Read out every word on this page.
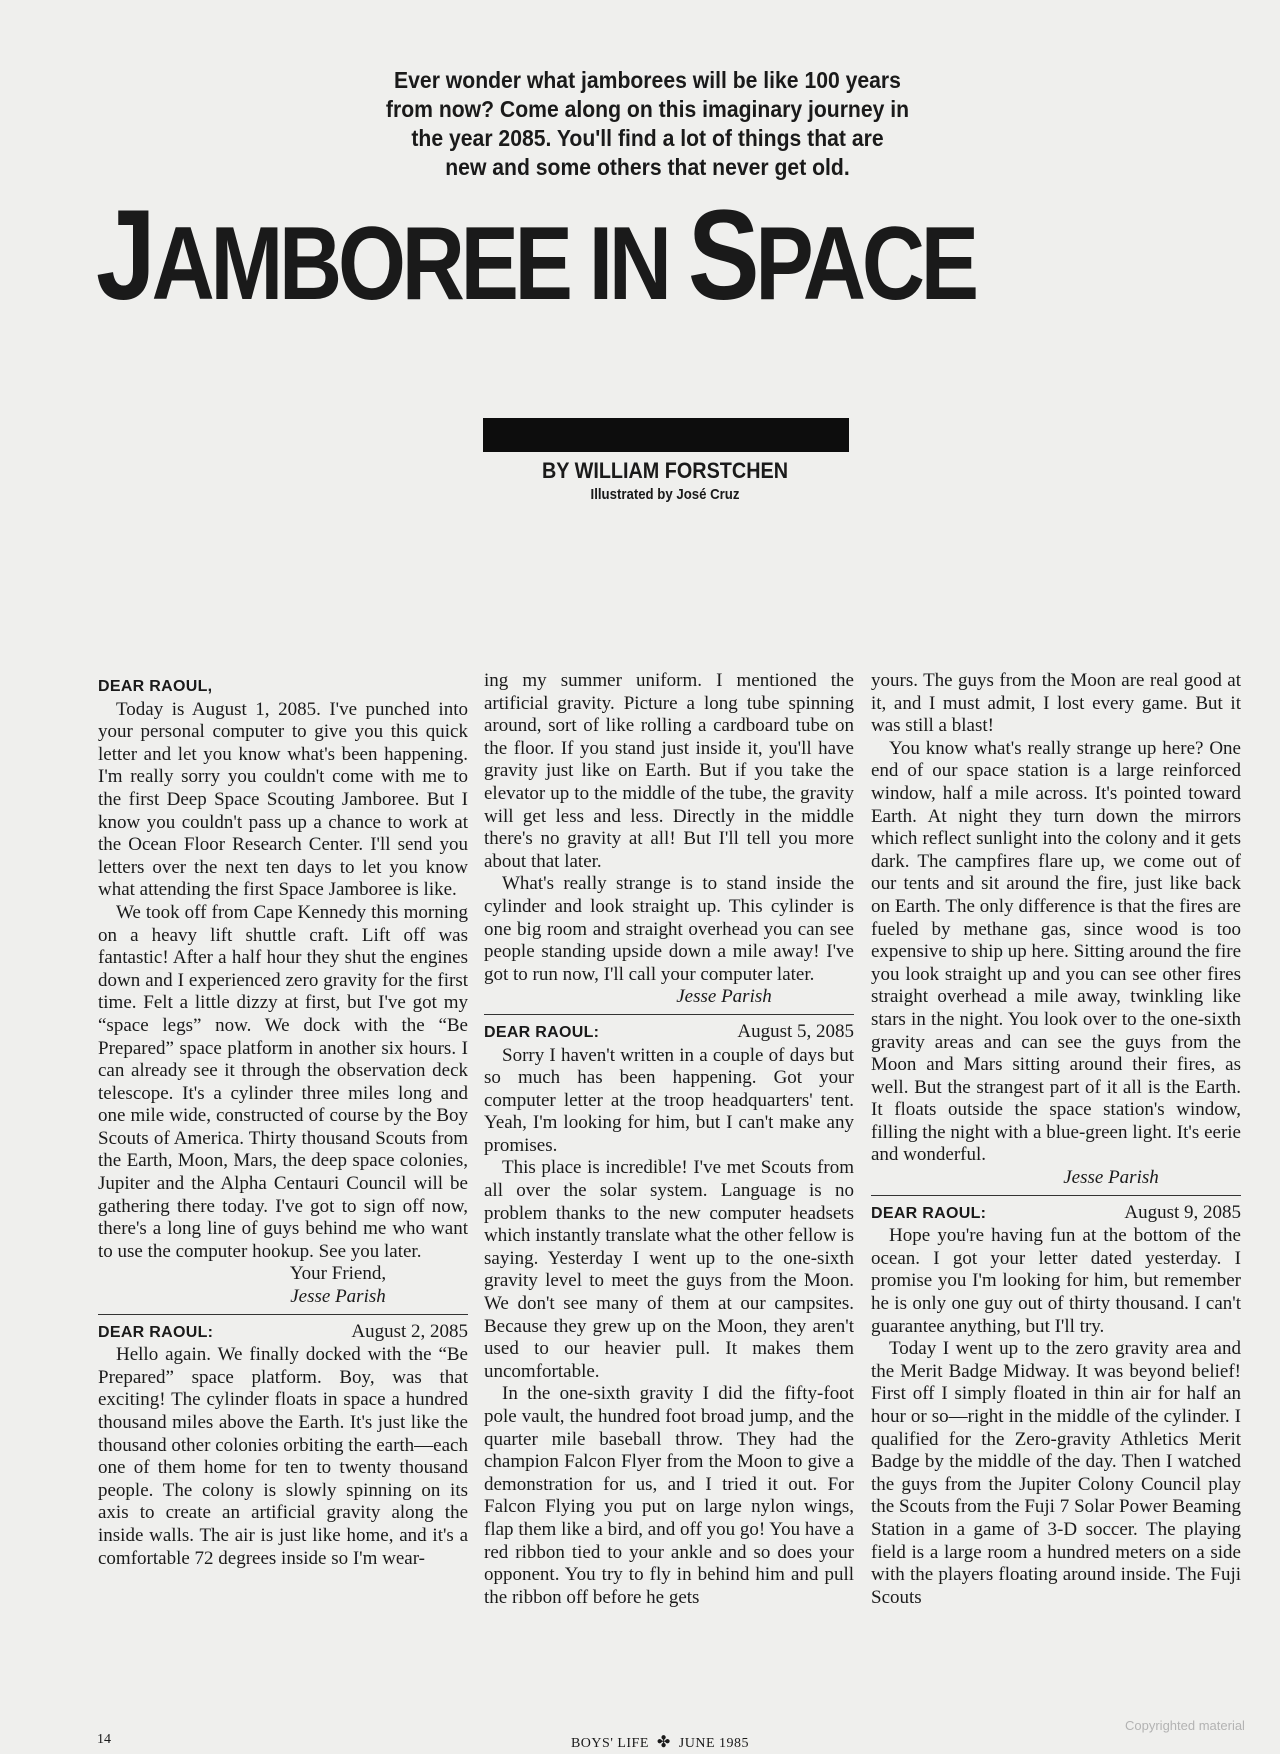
Ever wonder what jamborees will be like 100 years
from now? Come along on this imaginary journey in
the year 2085. You'll find a lot of things that are
new and some others that never get old.
JAMBOREE IN SPACE
BY WILLIAM FORSTCHEN
Illustrated by José Cruz
DEAR RAOUL,

Today is August 1, 2085. I've punched into your personal computer to give you this quick letter and let you know what's been happening. I'm really sorry you couldn't come with me to the first Deep Space Scouting Jamboree. But I know you couldn't pass up a chance to work at the Ocean Floor Research Center. I'll send you letters over the next ten days to let you know what attending the first Space Jamboree is like.

We took off from Cape Kennedy this morning on a heavy lift shuttle craft. Lift off was fantastic! After a half hour they shut the engines down and I experienced zero gravity for the first time. Felt a little dizzy at first, but I've got my “space legs” now. We dock with the “Be Prepared” space platform in another six hours. I can already see it through the observation deck telescope. It's a cylinder three miles long and one mile wide, constructed of course by the Boy Scouts of America. Thirty thousand Scouts from the Earth, Moon, Mars, the deep space colonies, Jupiter and the Alpha Centauri Council will be gathering there today. I've got to sign off now, there's a long line of guys behind me who want to use the computer hookup. See you later.

Your Friend,
Jesse Parish
DEAR RAOUL:	August 2, 2085

Hello again. We finally docked with the “Be Prepared” space platform. Boy, was that exciting! The cylinder floats in space a hundred thousand miles above the Earth. It's just like the thousand other colonies orbiting the earth—each one of them home for ten to twenty thousand people. The colony is slowly spinning on its axis to create an artificial gravity along the inside walls. The air is just like home, and it's a comfortable 72 degrees inside so I'm wear-

ing my summer uniform. I mentioned the artificial gravity. Picture a long tube spinning around, sort of like rolling a cardboard tube on the floor. If you stand just inside it, you'll have gravity just like on Earth. But if you take the elevator up to the middle of the tube, the gravity will get less and less. Directly in the middle there's no gravity at all! But I'll tell you more about that later.

What's really strange is to stand inside the cylinder and look straight up. This cylinder is one big room and straight overhead you can see people standing upside down a mile away! I've got to run now, I'll call your computer later.

Jesse Parish
DEAR RAOUL:	August 5, 2085

Sorry I haven't written in a couple of days but so much has been happening. Got your computer letter at the troop headquarters' tent. Yeah, I'm looking for him, but I can't make any promises.

This place is incredible! I've met Scouts from all over the solar system. Language is no problem thanks to the new computer headsets which instantly translate what the other fellow is saying. Yesterday I went up to the one-sixth gravity level to meet the guys from the Moon. We don't see many of them at our campsites. Because they grew up on the Moon, they aren't used to our heavier pull. It makes them uncomfortable.

In the one-sixth gravity I did the fifty-foot pole vault, the hundred foot broad jump, and the quarter mile baseball throw. They had the champion Falcon Flyer from the Moon to give a demonstration for us, and I tried it out. For Falcon Flying you put on large nylon wings, flap them like a bird, and off you go! You have a red ribbon tied to your ankle and so does your opponent. You try to fly in behind him and pull the ribbon off before he gets

yours. The guys from the Moon are real good at it, and I must admit, I lost every game. But it was still a blast!

You know what's really strange up here? One end of our space station is a large reinforced window, half a mile across. It's pointed toward Earth. At night they turn down the mirrors which reflect sunlight into the colony and it gets dark. The campfires flare up, we come out of our tents and sit around the fire, just like back on Earth. The only difference is that the fires are fueled by methane gas, since wood is too expensive to ship up here. Sitting around the fire you look straight up and you can see other fires straight overhead a mile away, twinkling like stars in the night. You look over to the one-sixth gravity areas and can see the guys from the Moon and Mars sitting around their fires, as well. But the strangest part of it all is the Earth. It floats outside the space station's window, filling the night with a blue-green light. It's eerie and wonderful.

Jesse Parish
DEAR RAOUL:	August 9, 2085

Hope you're having fun at the bottom of the ocean. I got your letter dated yesterday. I promise you I'm looking for him, but remember he is only one guy out of thirty thousand. I can't guarantee anything, but I'll try.

Today I went up to the zero gravity area and the Merit Badge Midway. It was beyond belief! First off I simply floated in thin air for half an hour or so—right in the middle of the cylinder. I qualified for the Zero-gravity Athletics Merit Badge by the middle of the day. Then I watched the guys from the Jupiter Colony Council play the Scouts from the Fuji 7 Solar Power Beaming Station in a game of 3-D soccer. The playing field is a large room a hundred meters on a side with the players floating around inside. The Fuji Scouts

14	BOYS' LIFE ✤ JUNE 1985
Copyrighted material
